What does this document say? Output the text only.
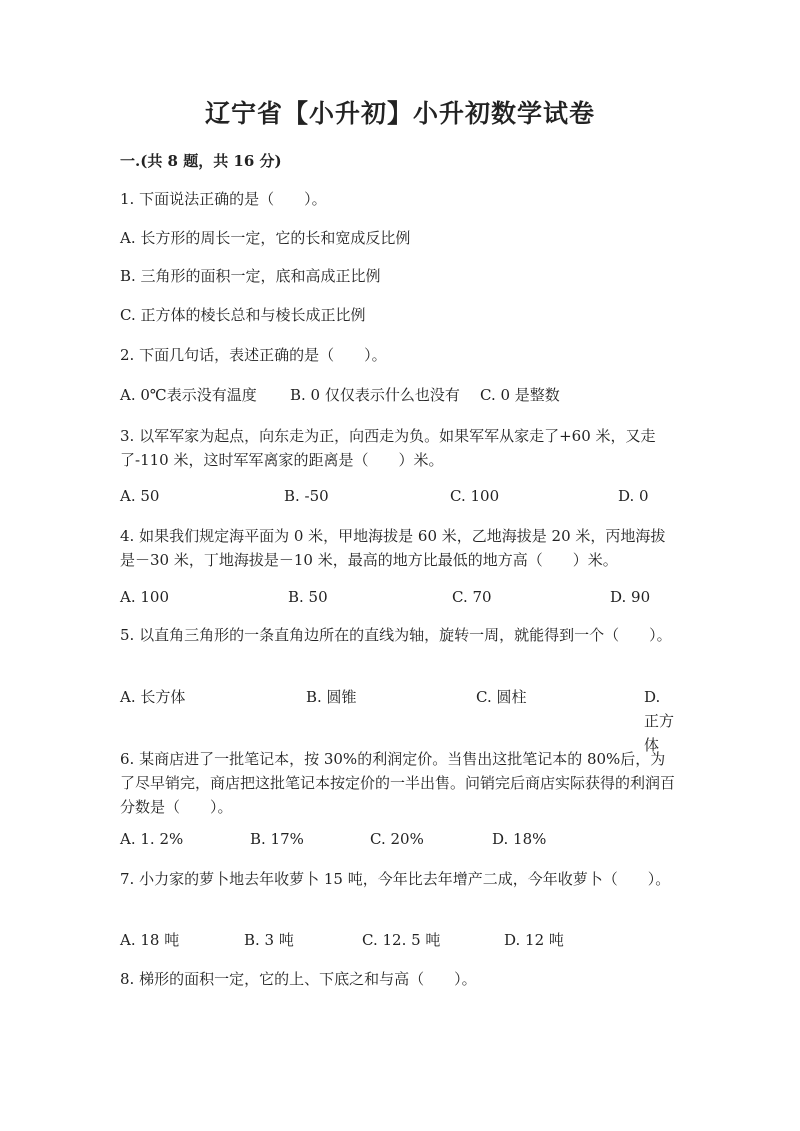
辽宁省【小升初】小升初数学试卷
一.(共 8 题，共 16 分)
1. 下面说法正确的是（　　）。
A. 长方形的周长一定，它的长和宽成反比例
B. 三角形的面积一定，底和高成正比例
C. 正方体的棱长总和与棱长成正比例
2. 下面几句话，表述正确的是（　　）。
A. 0℃表示没有温度 B. 0 仅仅表示什么也没有 C. 0 是整数
3. 以军军家为起点，向东走为正，向西走为负。如果军军从家走了+60 米，又走了-110 米，这时军军离家的距离是（　　）米。
A. 50	B. -50	C. 100	D. 0
4. 如果我们规定海平面为 0 米，甲地海拔是 60 米，乙地海拔是 20 米，丙地海拔是－30 米，丁地海拔是－10 米，最高的地方比最低的地方高（　　）米。
A. 100	B. 50	C. 70	D. 90
5. 以直角三角形的一条直角边所在的直线为轴，旋转一周，就能得到一个（　　）。
A. 长方体	B. 圆锥	C. 圆柱	D. 正方体
6. 某商店进了一批笔记本，按 30%的利润定价。当售出这批笔记本的 80%后，为了尽早销完，商店把这批笔记本按定价的一半出售。问销完后商店实际获得的利润百分数是（　　）。
A. 1. 2%	B. 17%	C. 20%	D. 18%
7. 小力家的萝卜地去年收萝卜 15 吨，今年比去年增产二成，今年收萝卜（　　）。
A. 18 吨	B. 3 吨	C. 12. 5 吨	D. 12 吨
8. 梯形的面积一定，它的上、下底之和与高（　　）。
